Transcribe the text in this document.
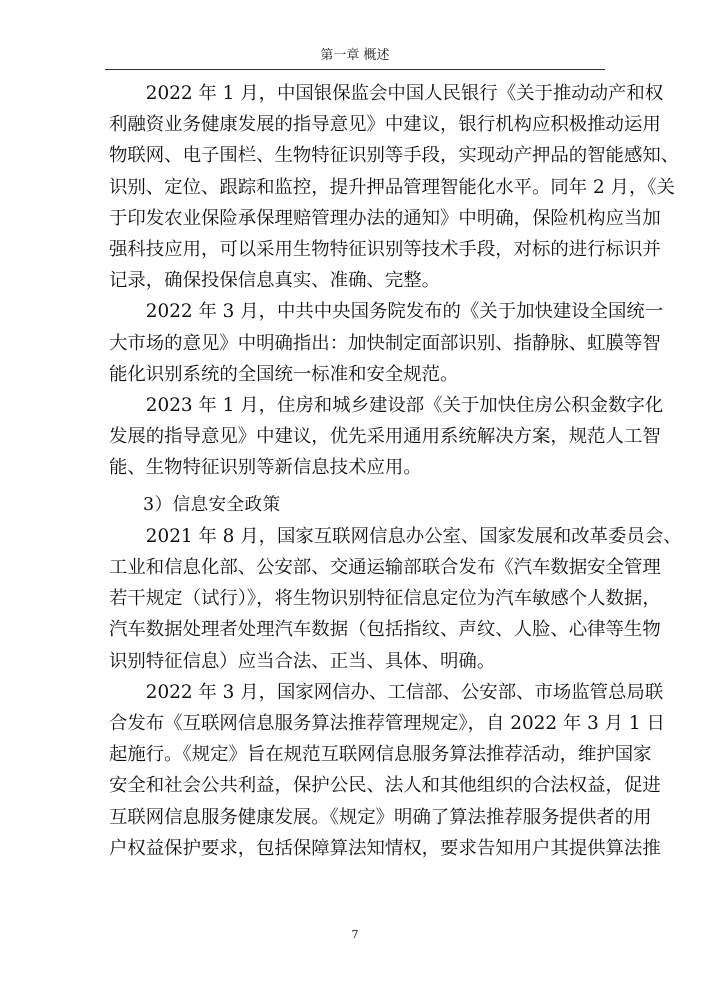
第一章 概述

2022 年 1 月，中国银保监会中国人民银行《关于推动动产和权
利融资业务健康发展的指导意见》中建议，银行机构应积极推动运用
物联网、电子围栏、生物特征识别等手段，实现动产押品的智能感知、
识别、定位、跟踪和监控，提升押品管理智能化水平。同年 2 月，《关
于印发农业保险承保理赔管理办法的通知》中明确，保险机构应当加
强科技应用，可以采用生物特征识别等技术手段，对标的进行标识并
记录，确保投保信息真实、准确、完整。

2022 年 3 月，中共中央国务院发布的《关于加快建设全国统一
大市场的意见》中明确指出：加快制定面部识别、指静脉、虹膜等智
能化识别系统的全国统一标准和安全规范。

2023 年 1 月，住房和城乡建设部《关于加快住房公积金数字化
发展的指导意见》中建议，优先采用通用系统解决方案，规范人工智
能、生物特征识别等新信息技术应用。

3）信息安全政策

2021 年 8 月，国家互联网信息办公室、国家发展和改革委员会、
工业和信息化部、公安部、交通运输部联合发布《汽车数据安全管理
若干规定（试行）》，将生物识别特征信息定位为汽车敏感个人数据，
汽车数据处理者处理汽车数据（包括指纹、声纹、人脸、心律等生物
识别特征信息）应当合法、正当、具体、明确。

2022 年 3 月，国家网信办、工信部、公安部、市场监管总局联
合发布《互联网信息服务算法推荐管理规定》，自 2022 年 3 月 1 日
起施行。《规定》旨在规范互联网信息服务算法推荐活动，维护国家
安全和社会公共利益，保护公民、法人和其他组织的合法权益，促进
互联网信息服务健康发展。《规定》明确了算法推荐服务提供者的用
户权益保护要求，包括保障算法知情权，要求告知用户其提供算法推

7
